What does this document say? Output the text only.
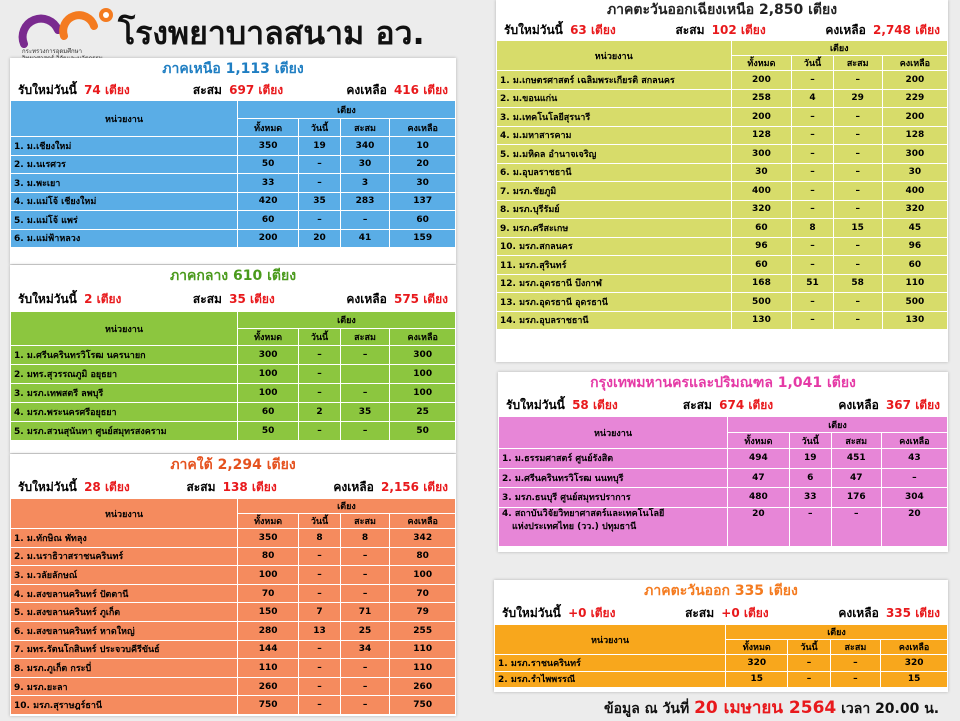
กระทรวงการอุดมศึกษา	โรงพยาบาลสนาม อว.
ภาคเหนือ 1,113 เตียง
รับใหม่วันนี้ 74 เตียง	สะสม 697 เตียง	คงเหลือ 416 เตียง
หน่วยงาน	เตียง			
	ทั้งหมด	วันนี้	สะสม	คงเหลือ
1. ม.เชียงใหม่	350	19	340	10
2. ม.นเรศวร	50	–	30	20
3. ม.พะเยา	33	–	3	30
4. ม.แม่โจ้ เชียงใหม่	420	35	283	137
5. ม.แม่โจ้ แพร่	60	–	–	60
6. ม.แม่ฟ้าหลวง	200	20	41	159
ภาคกลาง 610 เตียง
รับใหม่วันนี้ 2 เตียง	สะสม 35 เตียง	คงเหลือ 575 เตียง
หน่วยงาน	เตียง			
	ทั้งหมด	วันนี้	สะสม	คงเหลือ
1. ม.ศรีนครินทรวิโรฒ นครนายก	300	–	–	300
2. มทร.สุวรรณภูมิ อยุธยา	100	–		100
3. มรภ.เทพสตรี ลพบุรี	100	–	–	100
4. มรภ.พระนครศรีอยุธยา	60	2	35	25
5. มรภ.สวนสุนันทา ศูนย์สมุทรสงคราม	50	–	–	50
ภาคใต้ 2,294 เตียง
รับใหม่วันนี้ 28 เตียง	สะสม 138 เตียง	คงเหลือ 2,156 เตียง
หน่วยงาน	เตียง			
	ทั้งหมด	วันนี้	สะสม	คงเหลือ
1. ม.ทักษิณ พัทลุง	350	8	8	342
2. ม.นราธิวาสราชนครินทร์	80	–	–	80
3. ม.วลัยลักษณ์	100	–	–	100
4. ม.สงขลานครินทร์ ปัตตานี	70	–	–	70
5. ม.สงขลานครินทร์ ภูเก็ต	150	7	71	79
6. ม.สงขลานครินทร์ หาดใหญ่	280	13	25	255
7. มทร.รัตนโกสินทร์ ประจวบคีรีขันธ์	144	–	34	110
8. มรภ.ภูเก็ต กระบี่	110	–	–	110
9. มรภ.ยะลา	260	–	–	260
10. มรภ.สุราษฎร์ธานี	750	–	–	750
ภาคตะวันออกเฉียงเหนือ 2,850 เตียง
รับใหม่วันนี้ 63 เตียง	สะสม 102 เตียง	คงเหลือ 2,748 เตียง
หน่วยงาน	เตียง			
	ทั้งหมด	วันนี้	สะสม	คงเหลือ
1. ม.เกษตรศาสตร์ เฉลิมพระเกียรติ สกลนคร	200	–	–	200
2. ม.ขอนแก่น	258	4	29	229
3. ม.เทคโนโลยีสุรนารี	200	–	–	200
4. ม.มหาสารคาม	128	–	–	128
5. ม.มหิดล อำนาจเจริญ	300	–	–	300
6. ม.อุบลราชธานี	30	–	–	30
7. มรภ.ชัยภูมิ	400	–	–	400
8. มรภ.บุรีรัมย์	320	–	–	320
9. มรภ.ศรีสะเกษ	60	8	15	45
10. มรภ.สกลนคร	96	–	–	96
11. มรภ.สุรินทร์	60	–	–	60
12. มรภ.อุดรธานี บึงกาฬ	168	51	58	110
13. มรภ.อุดรธานี อุดรธานี	500	–	–	500
14. มรภ.อุบลราชธานี	130	–	–	130
กรุงเทพมหานครและปริมณฑล 1,041 เตียง
รับใหม่วันนี้ 58 เตียง	สะสม 674 เตียง	คงเหลือ 367 เตียง
หน่วยงาน	เตียง			
	ทั้งหมด	วันนี้	สะสม	คงเหลือ
1. ม.ธรรมศาสตร์ ศูนย์รังสิต	494	19	451	43
2. ม.ศรีนครินทรวิโรฒ นนทบุรี	47	6	47	–
3. มรภ.ธนบุรี ศูนย์สมุทรปราการ	480	33	176	304
4. สถาบันวิจัยวิทยาศาสตร์และเทคโนโลยี
แห่งประเทศไทย (วว.) ปทุมธานี	20	–	–	20
ภาคตะวันออก 335 เตียง
รับใหม่วันนี้ +0 เตียง	สะสม +0 เตียง	คงเหลือ 335 เตียง
หน่วยงาน	เตียง			
	ทั้งหมด	วันนี้	สะสม	คงเหลือ
1. มรภ.ราชนครินทร์	320	–	–	320
2. มรภ.รำไพพรรณี	15	–	–	15
ข้อมูล ณ วันที่ 20 เมษายน 2564 เวลา 20.00 น.
